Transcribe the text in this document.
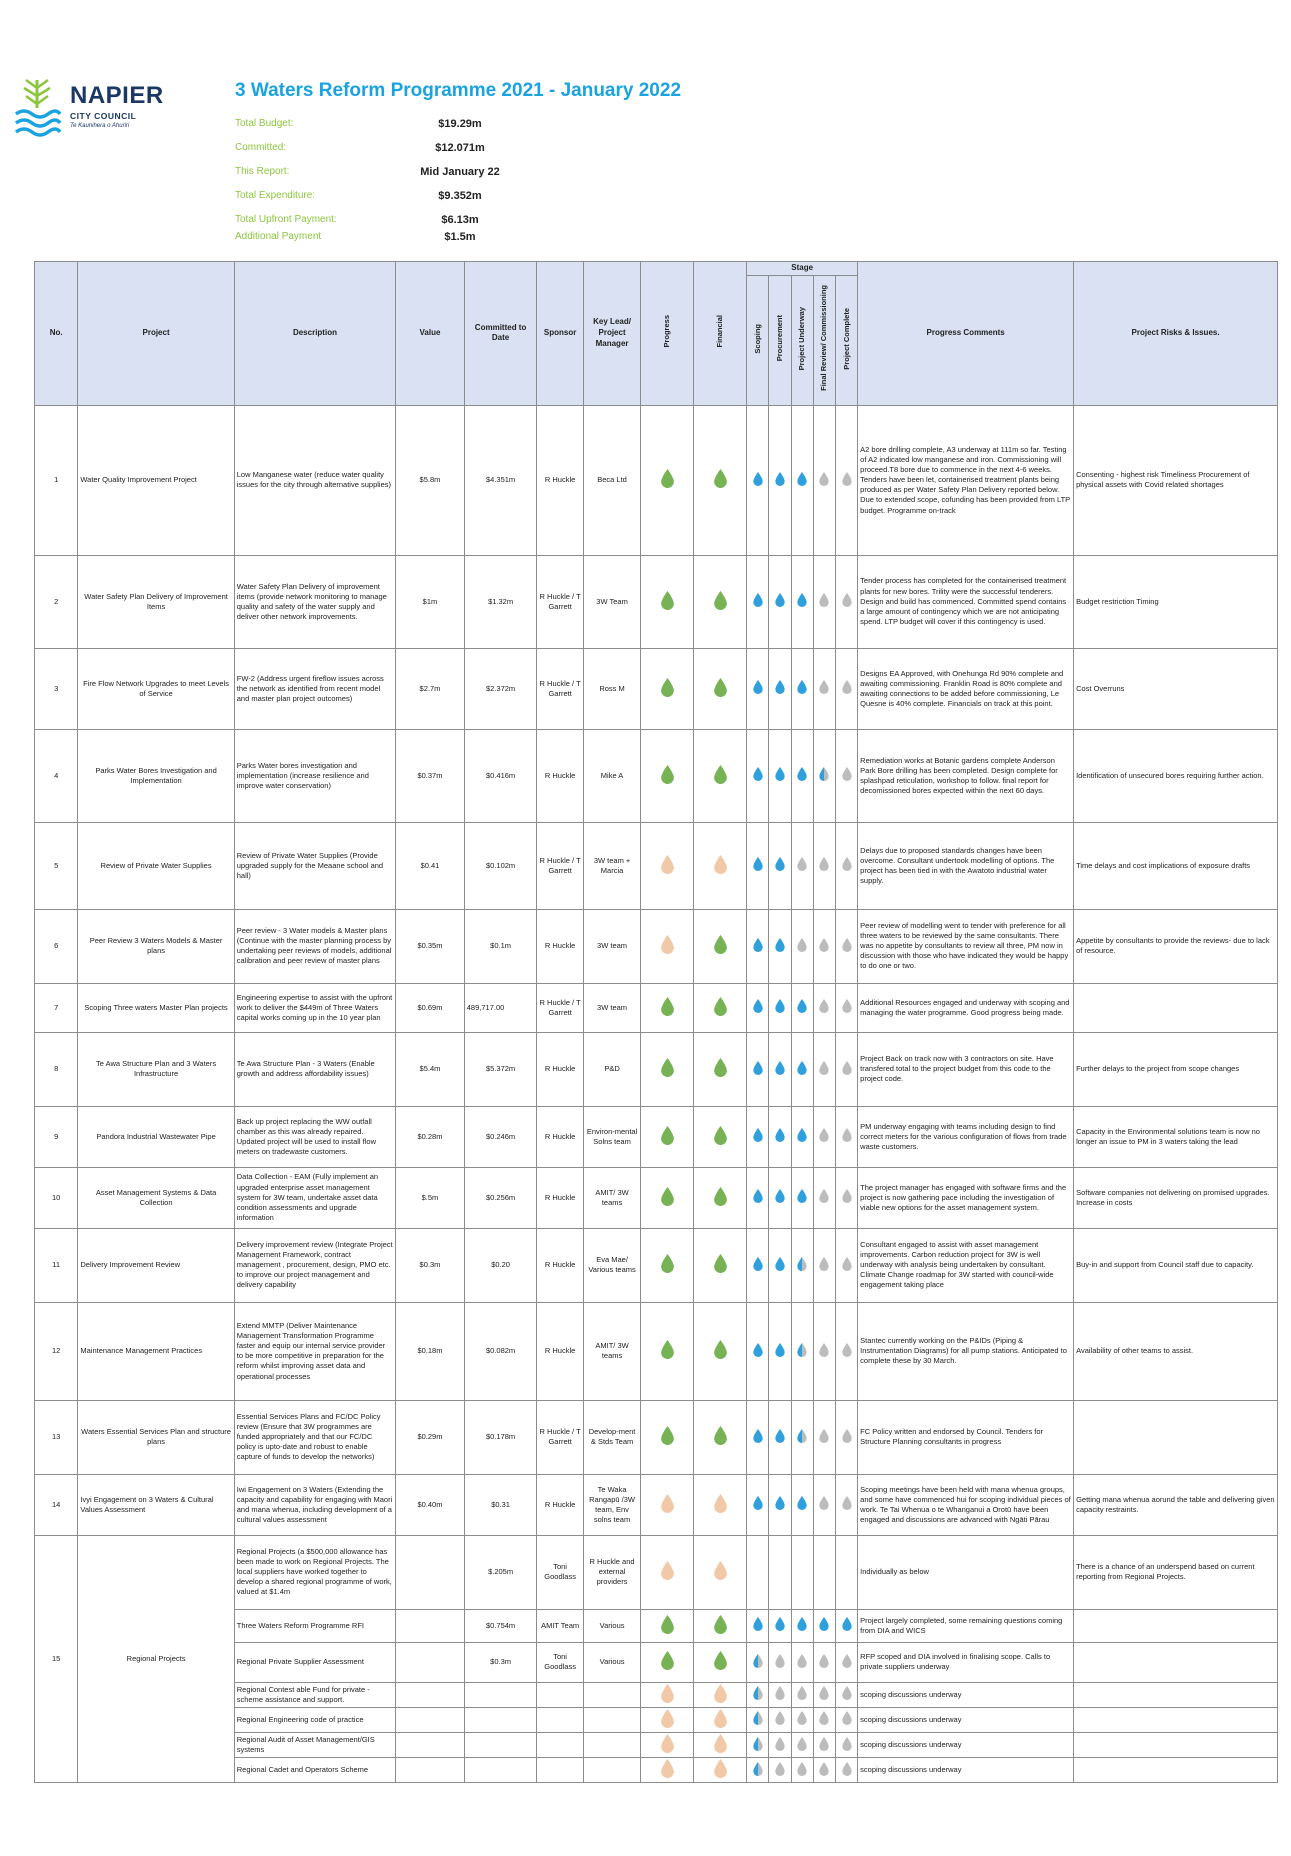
NAPIER
CITY COUNCIL
Te Kaunihera o Ahuriri
3 Waters Reform Programme 2021 - January 2022
Total Budget:	$19.29m
Committed:	$12.071m
This Report:	Mid January 22
Total Expenditure:	$9.352m
Total Upfront Payment:	$6.13m
Additional Payment	$1.5m
No.	Project	Description	Value	Committed to Date	Sponsor	Key Lead/ Project Manager	Progress	Financial	Stage					Progress Comments	Project Risks & Issues.
									Scoping	Procurement	Project Underway	Final Review/ Commissioning	Project Complete		
1	Water Quality Improvement Project	Low Manganese water (reduce water quality issues for the city through alternative supplies)	$5.8m	$4.351m	R Huckle	Beca Ltd								A2 bore drilling complete, A3 underway at 111m so far. Testing of A2 indicated low manganese and iron. Commissioning will proceed.T8 bore due to commence in the next 4-6 weeks. Tenders have been let, containerised treatment plants being produced as per Water Safety Plan Delivery reported below. Due to extended scope, cofunding has been provided from LTP budget. Programme on-track	Consenting - highest risk Timeliness Procurement of physical assets with Covid related shortages
2	Water Safety Plan Delivery of Improvement Items	Water Safety Plan Delivery of improvement items (provide network monitoring to manage quality and safety of the water supply and deliver other network improvements.	$1m	$1.32m	R Huckle / T Garrett	3W Team								Tender process has completed for the containerised treatment plants for new bores. Trility were the successful tenderers. Design and build has commenced. Committed spend contains a large amount of contingency which we are not anticipating spend. LTP budget will cover if this contingency is used.	Budget restriction Timing
3	Fire Flow Network Upgrades to meet Levels of Service	FW-2 (Address urgent fireflow issues across the network as identified from recent model and master plan project outcomes)	$2.7m	$2.372m	R Huckle / T Garrett	Ross M								Designs EA Approved, with Onehunga Rd 90% complete and awaiting commissioning. Franklin Road is 80% complete and awaiting connections to be added before commissioning, Le Quesne is 40% complete. Financials on track at this point.	Cost Overruns
4	Parks Water Bores Investigation and Implementation	Parks Water bores investigation and implementation (increase resilience and improve water conservation)	$0.37m	$0.416m	R Huckle	Mike A								Remediation works at Botanic gardens complete Anderson Park Bore drilling has been completed. Design complete for splashpad reticulation, workshop to follow. final report for decomissioned bores expected within the next 60 days.	Identification of unsecured bores requiring further action.
5	Review of Private Water Supplies	Review of Private Water Supplies (Provide upgraded supply for the Meaane school and hall)	$0.41	$0.102m	R Huckle / T Garrett	3W team + Marcia								Delays due to proposed standards changes have been overcome. Consultant undertook modelling of options. The project has been tied in with the Awatoto industrial water supply.	Time delays and cost implications of exposure drafts
6	Peer Review 3 Waters Models & Master plans	Peer review - 3 Water models & Master plans (Continue with the master planning process by undertaking peer reviews of models, additional calibration and peer review of master plans	$0.35m	$0.1m	R Huckle	3W team								Peer review of modelling went to tender with preference for all three waters to be reviewed by the same consultants. There was no appetite by consultants to review all three, PM now in discussion with those who have indicated they would be happy to do one or two.	Appetite by consultants to provide the reviews- due to lack of resource.
7	Scoping Three waters Master Plan projects	Engineering expertise to assist with the upfront work to deliver the $449m of Three Waters capital works coming up in the 10 year plan	$0.69m	489,717.00	R Huckle / T Garrett	3W team								Additional Resources engaged and underway with scoping and managing the water programme. Good progress being made.	
8	Te Awa Structure Plan and 3 Waters Infrastructure	Te Awa Structure Plan - 3 Waters (Enable growth and address affordability issues)	$5.4m	$5.372m	R Huckle	P&D								Project Back on track now with 3 contractors on site. Have transfered total to the project budget from this code to the project code.	Further delays to the project from scope changes
9	Pandora Industrial Wastewater Pipe	Back up project replacing the WW outfall chamber as this was already repaired. Updated project will be used to install flow meters on tradewaste customers.	$0.28m	$0.246m	R Huckle	Environ-mental Solns team								PM underway engaging with teams including design to find correct meters for the various configuration of flows from trade waste customers.	Capacity in the Environmental solutions team is now no longer an issue to PM in 3 waters taking the lead
10	Asset Management Systems & Data Collection	Data Collection - EAM (Fully implement an upgraded enterprise asset management system for 3W team, undertake asset data condition assessments and upgrade information	$.5m	$0.256m	R Huckle	AMIT/ 3W teams								The project manager has engaged with software firms and the project is now gathering pace including the investigation of viable new options for the asset management system.	Software companies not delivering on promised upgrades. Increase in costs
11	Delivery Improvement Review	Delivery improvement review (Integrate Project Management Framework, contract management , procurement, design, PMO etc. to improve our project management and delivery capability	$0.3m	$0.20	R Huckle	Eva Mae/ Various teams								Consultant engaged to assist with asset management improvements. Carbon reduction project for 3W is well underway with analysis being undertaken by consultant. Climate Change roadmap for 3W started with council-wide engagement taking place	Buy-in and support from Council staff due to capacity.
12	Maintenance Management Practices	Extend MMTP (Deliver Maintenance Management Transformation Programme faster and equip our internal service provider to be more competitive in preparation for the reform whilst improving asset data and operational processes	$0.18m	$0.082m	R Huckle	AMIT/ 3W teams								Stantec currently working on the P&IDs (Piping & Instrumentation Diagrams) for all pump stations. Anticipated to complete these by 30 March.	Availability of other teams to assist.
13	Waters Essential Services Plan and structure plans	Essential Services Plans and FC/DC Policy review (Ensure that 3W programmes are funded appropriately and that our FC/DC policy is upto-date and robust to enable capture of funds to develop the networks)	$0.29m	$0.178m	R Huckle / T Garrett	Develop-ment & Stds Team								FC Policy written and endorsed by Council. Tenders for Structure Planning consultants in progress	
14	Ivyi Engagement on 3 Waters & Cultural Values Assessment	Iwi Engagement on 3 Waters (Extending the capacity and capability for engaging with Maori and mana whenua, including development of a cultural values assessment	$0.40m	$0.31	R Huckle	Te Waka Rangapū /3W team, Env solns team								Scoping meetings have been held with mana whenua groups, and some have commenced hui for scoping individual pieces of work. Te Tai Whenua o te Whanganui a Orotū have been engaged and discussions are advanced with Ngāti Pārau	Getting mana whenua aorund the table and delivering given capacity restraints.
15	Regional Projects	Regional Projects (a $500,000 allowance has been made to work on Regional Projects. The local suppliers have worked together to develop a shared regional programme of work, valued at $1.4m		$.205m	Toni Goodlass	R Huckle and external providers								Individually as below	There is a chance of an underspend based on current reporting from Regional Projects.
		Three Waters Reform Programme RFI		$0.754m	AMIT Team	Various								Project largely completed, some remaining questions coming from DIA and WICS	
		Regional Private Supplier Assessment		$0.3m	Toni Goodlass	Various								RFP scoped and DIA involved in finalising scope. Calls to private suppliers underway	
		Regional Contest able Fund for private - scheme assistance and support.												scoping discussions underway	
		Regional Engineering code of practice												scoping discussions underway	
		Regional Audit of Asset Management/GIS systems												scoping discussions underway	
		Regional Cadet and Operators Scheme												scoping discussions underway	
